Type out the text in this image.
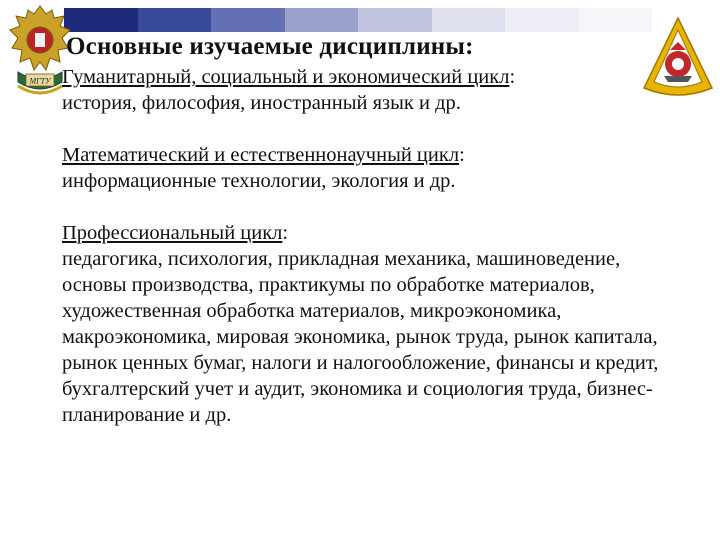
МГТУ
Основные изучаемые дисциплины:
Гуманитарный, социальный и экономический цикл:
история, философия, иностранный язык и др.
Математический и естественнонаучный цикл:
информационные технологии, экология и др.
Профессиональный цикл:
педагогика, психология, прикладная механика, машиноведение, основы производства, практикумы по обработке материалов, художественная обработка материалов, микроэкономика, макроэкономика, мировая экономика, рынок труда, рынок капитала, рынок ценных бумаг, налоги и налогообложение, финансы и кредит, бухгалтерский учет и аудит, экономика и социология труда, бизнес-планирование и др.
